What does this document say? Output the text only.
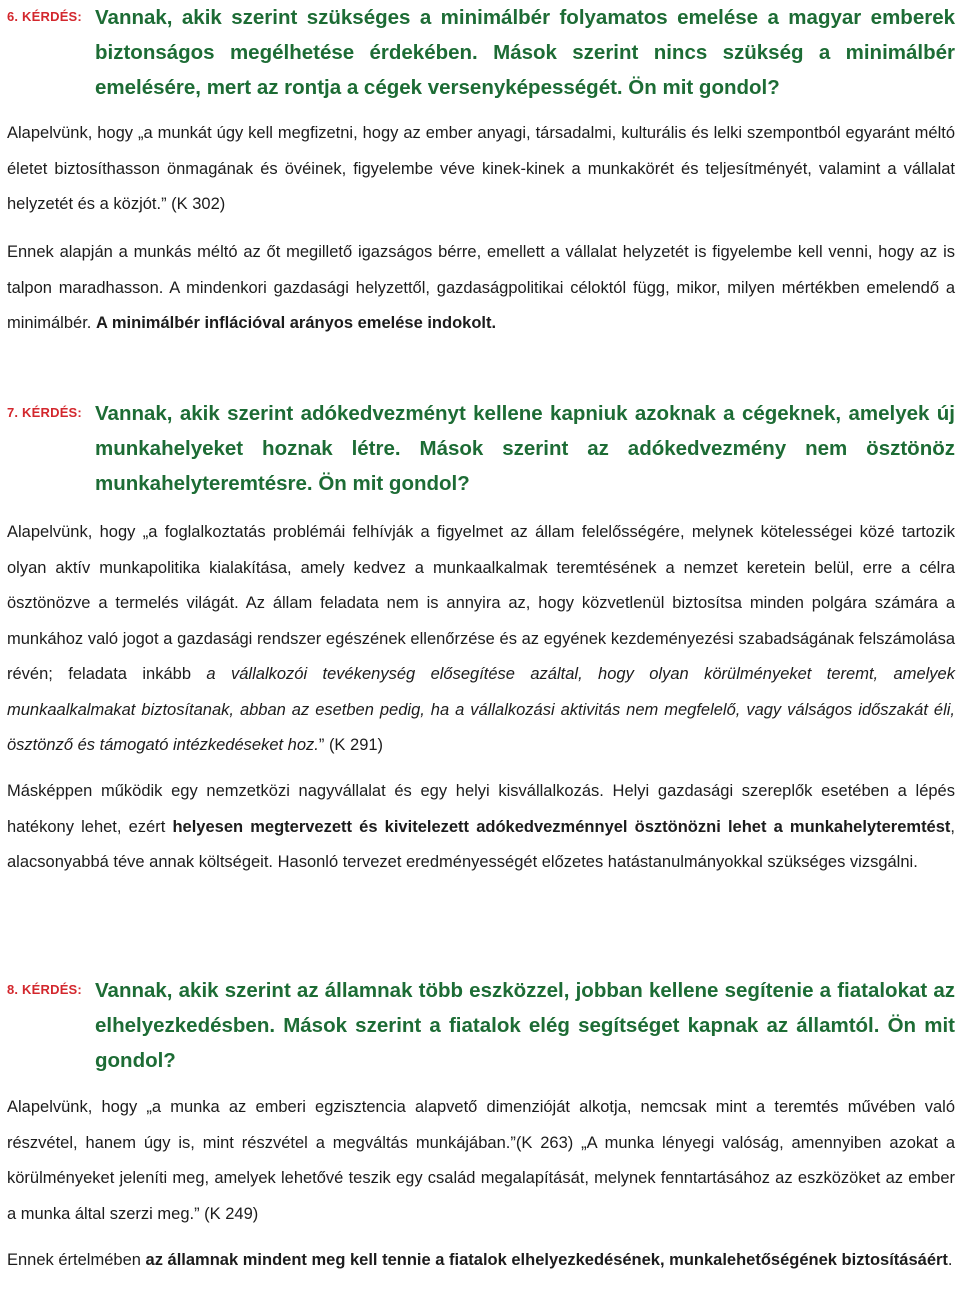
6. KÉRDÉS: Vannak, akik szerint szükséges a minimálbér folyamatos emelése a magyar emberek biztonságos megélhetése érdekében. Mások szerint nincs szükség a minimálbér emelésére, mert az rontja a cégek versenyképességét. Ön mit gondol?

Alapelvünk, hogy „a munkát úgy kell megfizetni, hogy az ember anyagi, társadalmi, kulturális és lelki szempontból egyaránt méltó életet biztosíthasson önmagának és övéinek, figyelembe véve kinek-kinek a munkakörét és teljesítményét, valamint a vállalat helyzetét és a közjót.” (K 302)

Ennek alapján a munkás méltó az őt megillető igazságos bérre, emellett a vállalat helyzetét is figyelembe kell venni, hogy az is talpon maradhasson. A mindenkori gazdasági helyzettől, gazdaságpolitikai céloktól függ, mikor, milyen mértékben emelendő a minimálbér. A minimálbér inflációval arányos emelése indokolt.

7. KÉRDÉS: Vannak, akik szerint adókedvezményt kellene kapniuk azoknak a cégeknek, amelyek új munkahelyeket hoznak létre. Mások szerint az adókedvezmény nem ösztönöz munkahelyteremtésre. Ön mit gondol?

Alapelvünk, hogy „a foglalkoztatás problémái felhívják a figyelmet az állam felelősségére, melynek kötelességei közé tartozik olyan aktív munkapolitika kialakítása, amely kedvez a munkaalkalmak teremtésének a nemzet keretein belül, erre a célra ösztönözve a termelés világát. Az állam feladata nem is annyira az, hogy közvetlenül biztosítsa minden polgára számára a munkához való jogot a gazdasági rendszer egészének ellenőrzése és az egyének kezdeményezési szabadságának felszámolása révén; feladata inkább a vállalkozói tevékenység elősegítése azáltal, hogy olyan körülményeket teremt, amelyek munkaalkalmakat biztosítanak, abban az esetben pedig, ha a vállalkozási aktivitás nem megfelelő, vagy válságos időszakát éli, ösztönző és támogató intézkedéseket hoz.” (K 291)

Másképpen működik egy nemzetközi nagyvállalat és egy helyi kisvállalkozás. Helyi gazdasági szereplők esetében a lépés hatékony lehet, ezért helyesen megtervezett és kivitelezett adókedvezménnyel ösztönözni lehet a munkahelyteremtést, alacsonyabbá téve annak költségeit. Hasonló tervezet eredményességét előzetes hatástanulmányokkal szükséges vizsgálni.

8. KÉRDÉS: Vannak, akik szerint az államnak több eszközzel, jobban kellene segítenie a fiatalokat az elhelyezkedésben. Mások szerint a fiatalok elég segítséget kapnak az államtól. Ön mit gondol?

Alapelvünk, hogy „a munka az emberi egzisztencia alapvető dimenzióját alkotja, nemcsak mint a teremtés művében való részvétel, hanem úgy is, mint részvétel a megváltás munkájában.”(K 263) „A munka lényegi valóság, amennyiben azokat a körülményeket jeleníti meg, amelyek lehetővé teszik egy család megalapítását, melynek fenntartásához az eszközöket az ember a munka által szerzi meg.” (K 249)

Ennek értelmében az államnak mindent meg kell tennie a fiatalok elhelyezkedésének, munkalehetőségének biztosításáért.
